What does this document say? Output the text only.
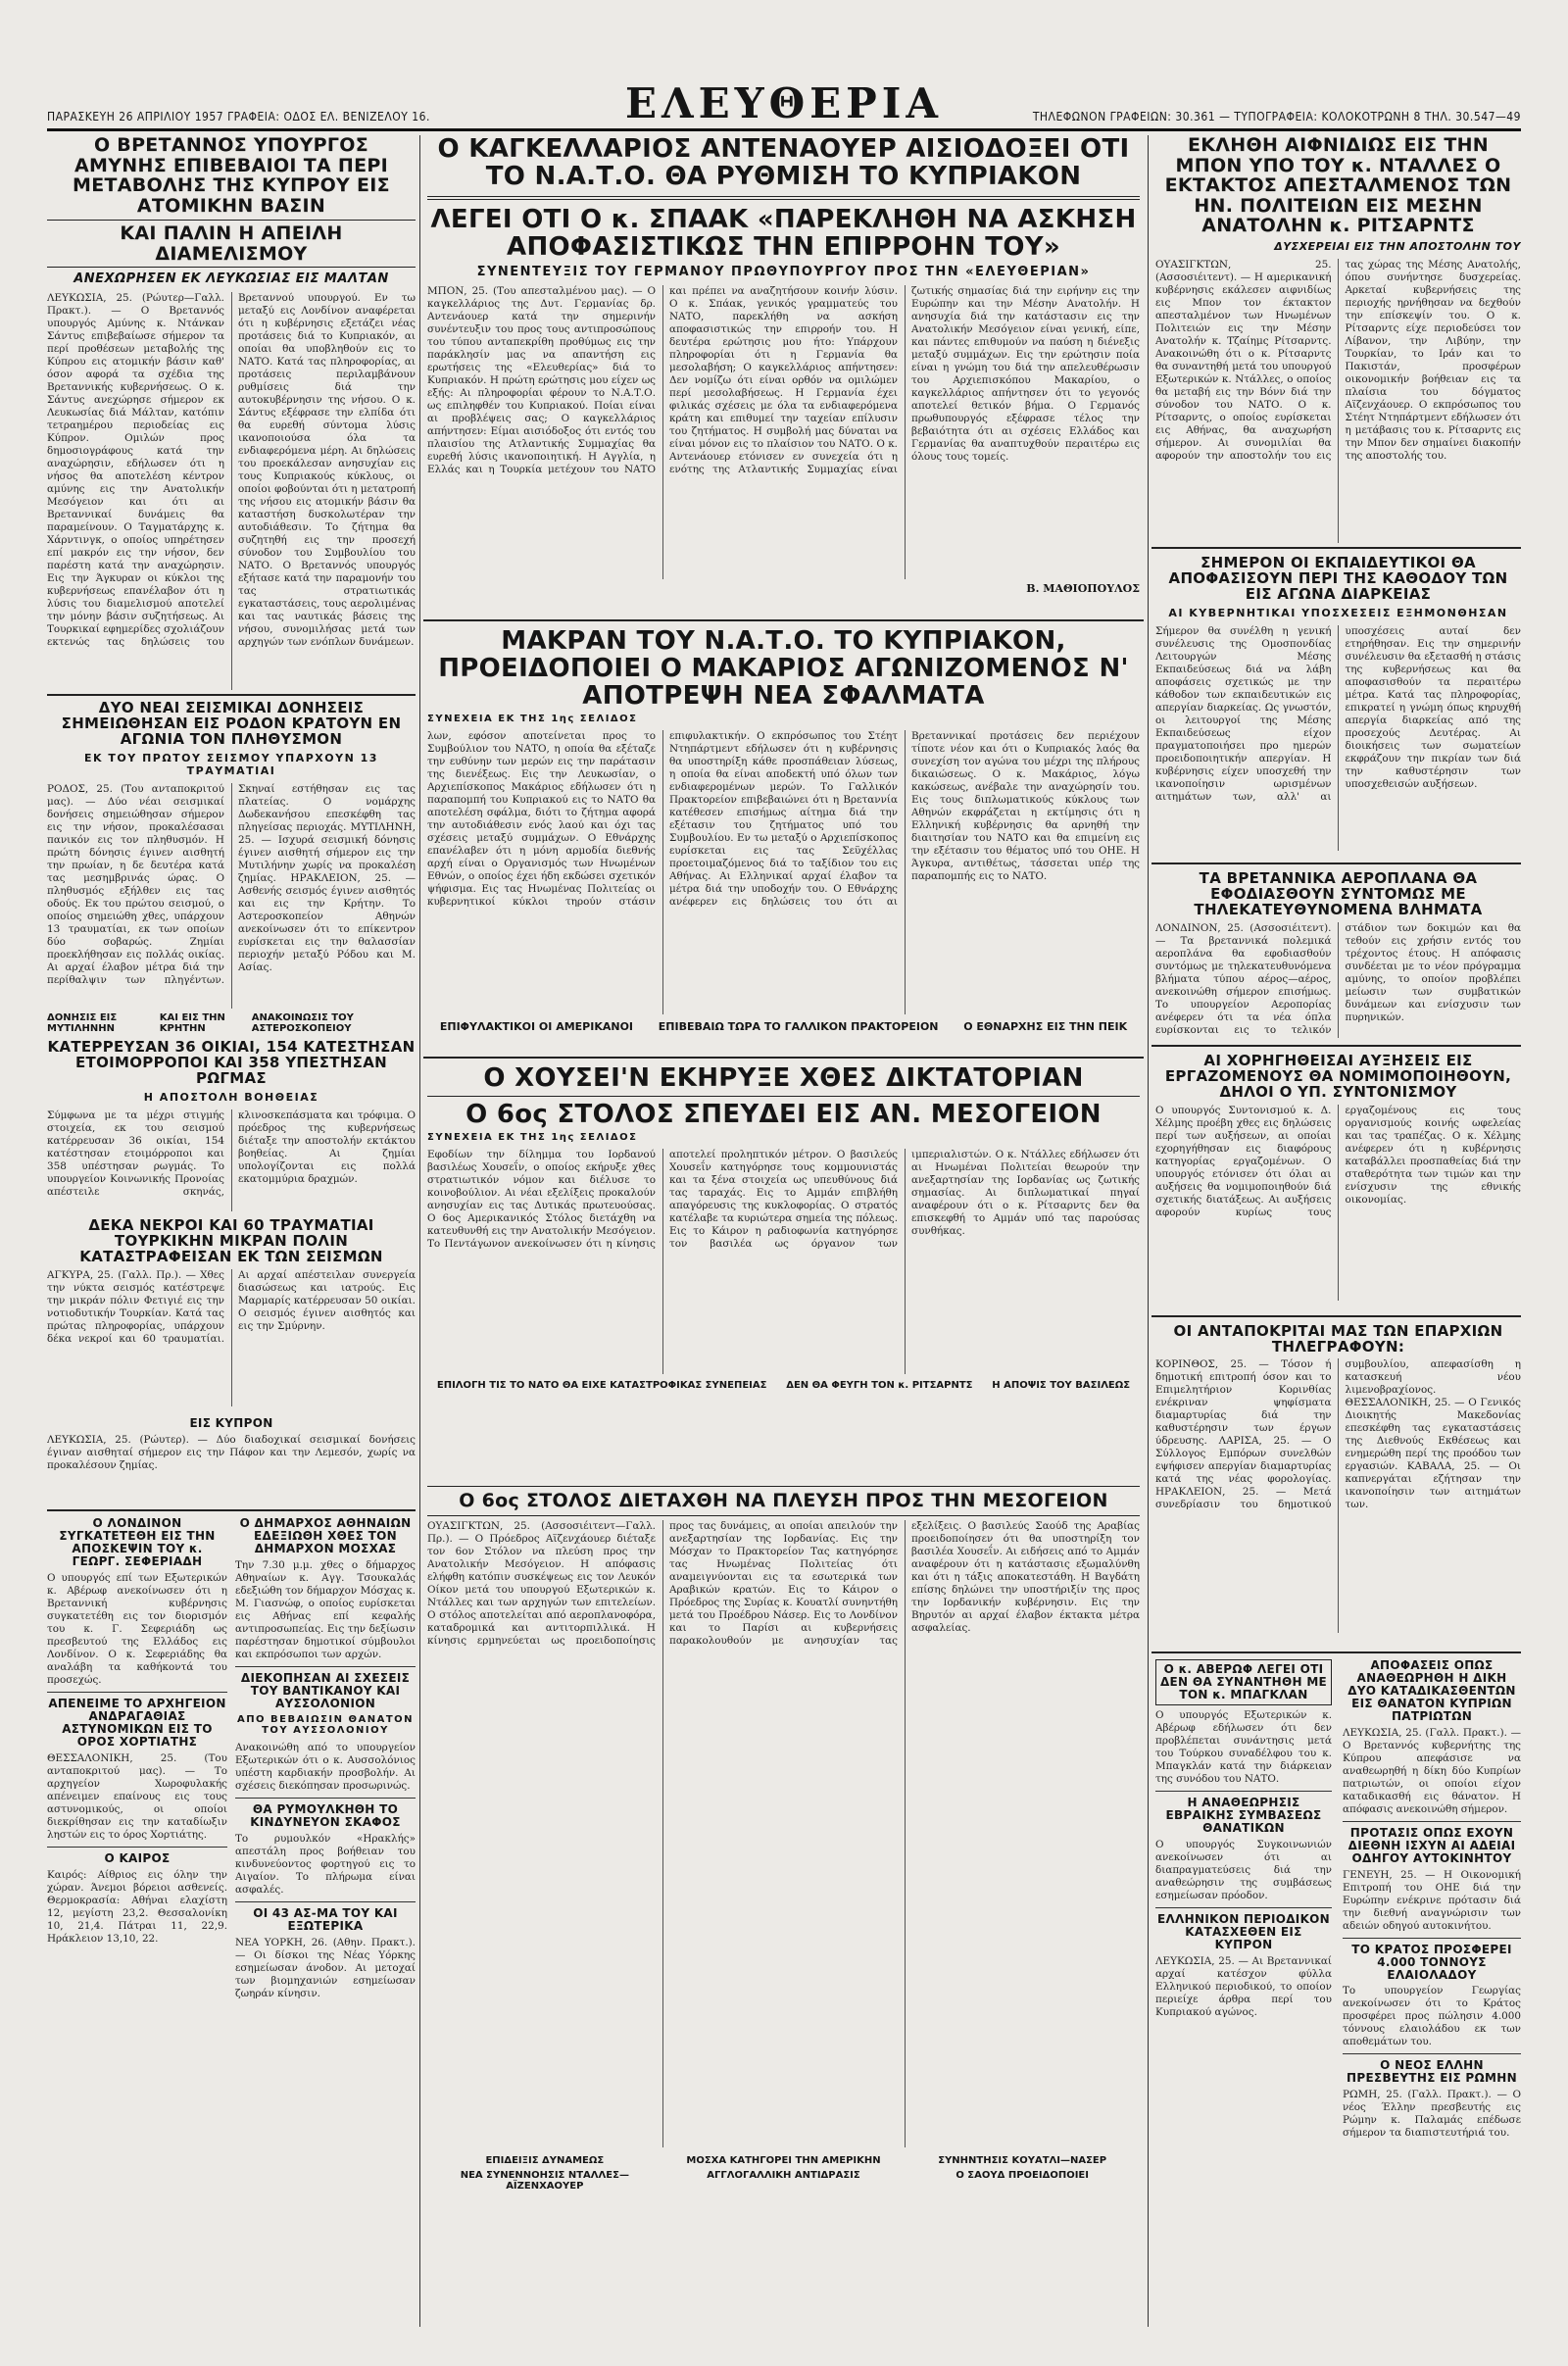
ΠΑΡΑΣΚΕΥΗ 26 ΑΠΡΙΛΙΟΥ 1957 ΓΡΑΦΕΙΑ: ΟΔΟΣ ΕΛ. ΒΕΝΙΖΕΛΟΥ 16.	ΕΛΕΥΘΕΡΙΑ	ΤΗΛΕΦΩΝΟΝ ΓΡΑΦΕΙΩΝ: 30.361 — ΤΥΠΟΓΡΑΦΕΙΑ: ΚΟΛΟΚΟΤΡΩΝΗ 8 ΤΗΛ. 30.547—49
Ο ΒΡΕΤΑΝΝΟΣ ΥΠΟΥΡΓΟΣ ΑΜΥΝΗΣ ΕΠΙΒΕΒΑΙΟΙ ΤΑ ΠΕΡΙ ΜΕΤΑΒΟΛΗΣ ΤΗΣ ΚΥΠΡΟΥ ΕΙΣ ΑΤΟΜΙΚΗΝ ΒΑΣΙΝ
ΚΑΙ ΠΑΛΙΝ Η ΑΠΕΙΛΗ ΔΙΑΜΕΛΙΣΜΟΥ
ΑΝΕΧΩΡΗΣΕΝ ΕΚ ΛΕΥΚΩΣΙΑΣ ΕΙΣ ΜΑΛΤΑΝ
ΛΕΥΚΩΣΙΑ, 25. (Ρώυτερ—Γαλλ. Πρακτ.). — Ο Βρεταννός υπουργός Αμύνης κ. Ντάνκαν Σάντυς επιβεβαίωσε σήμερον τα περί προθέσεων μεταβολής της Κύπρου εις ατομικήν βάσιν καθ' όσον αφορά τα σχέδια της Βρεταννικής κυβερνήσεως. Ο κ. Σάντυς ανεχώρησε σήμερον εκ Λευκωσίας διά Μάλταν, κατόπιν τετραημέρου περιοδείας εις Κύπρον. Ομιλών προς δημοσιογράφους κατά την αναχώρησιν, εδήλωσεν ότι η νήσος θα αποτελέση κέντρον αμύνης εις την Ανατολικήν Μεσόγειον και ότι αι Βρεταννικαί δυνάμεις θα παραμείνουν. Ο Ταγματάρχης κ. Χάρντινγκ, ο οποίος υπηρέτησεν επί μακρόν εις την νήσον, δεν παρέστη κατά την αναχώρησιν. Εις την Άγκυραν οι κύκλοι της κυβερνήσεως επανέλαβον ότι η λύσις του διαμελισμού αποτελεί την μόνην βάσιν συζητήσεως. Αι Τουρκικαί εφημερίδες σχολιάζουν εκτενώς τας δηλώσεις του Βρεταννού υπουργού. Εν τω μεταξύ εις Λονδίνον αναφέρεται ότι η κυβέρνησις εξετάζει νέας προτάσεις διά το Κυπριακόν, αι οποίαι θα υποβληθούν εις το ΝΑΤΟ. Κατά τας πληροφορίας, αι προτάσεις περιλαμβάνουν ρυθμίσεις διά την αυτοκυβέρνησιν της νήσου. Ο κ. Σάντυς εξέφρασε την ελπίδα ότι θα ευρεθή σύντομα λύσις ικανοποιούσα όλα τα ενδιαφερόμενα μέρη. Αι δηλώσεις του προεκάλεσαν ανησυχίαν εις τους Κυπριακούς κύκλους, οι οποίοι φοβούνται ότι η μετατροπή της νήσου εις ατομικήν βάσιν θα καταστήση δυσκολωτέραν την αυτοδιάθεσιν. Το ζήτημα θα συζητηθή εις την προσεχή σύνοδον του Συμβουλίου του ΝΑΤΟ. Ο Βρεταννός υπουργός εξήτασε κατά την παραμονήν του τας στρατιωτικάς εγκαταστάσεις, τους αερολιμένας και τας ναυτικάς βάσεις της νήσου, συνομιλήσας μετά των αρχηγών των ενόπλων δυνάμεων.
ΔΥΟ ΝΕΑΙ ΣΕΙΣΜΙΚΑΙ ΔΟΝΗΣΕΙΣ ΣΗΜΕΙΩΘΗΣΑΝ ΕΙΣ ΡΟΔΟΝ ΚΡΑΤΟΥΝ ΕΝ ΑΓΩΝΙΑ ΤΟΝ ΠΛΗΘΥΣΜΟΝ
ΕΚ ΤΟΥ ΠΡΩΤΟΥ ΣΕΙΣΜΟΥ ΥΠΑΡΧΟΥΝ 13 ΤΡΑΥΜΑΤΙΑΙ
ΡΟΔΟΣ, 25. (Του ανταποκριτού μας). — Δύο νέαι σεισμικαί δονήσεις σημειώθησαν σήμερον εις την νήσον, προκαλέσασαι πανικόν εις τον πληθυσμόν. Η πρώτη δόνησις έγινεν αισθητή την πρωίαν, η δε δευτέρα κατά τας μεσημβρινάς ώρας. Ο πληθυσμός εξήλθεν εις τας οδούς. Εκ του πρώτου σεισμού, ο οποίος σημειώθη χθες, υπάρχουν 13 τραυματίαι, εκ των οποίων δύο σοβαρώς. Ζημίαι προεκλήθησαν εις πολλάς οικίας. Αι αρχαί έλαβον μέτρα διά την περίθαλψιν των πληγέντων. Σκηναί εστήθησαν εις τας πλατείας. Ο νομάρχης Δωδεκανήσου επεσκέφθη τας πληγείσας περιοχάς. ΜΥΤΙΛΗΝΗ, 25. — Ισχυρά σεισμική δόνησις έγινεν αισθητή σήμερον εις την Μυτιλήνην χωρίς να προκαλέση ζημίας. ΗΡΑΚΛΕΙΟΝ, 25. — Ασθενής σεισμός έγινεν αισθητός και εις την Κρήτην. Το Αστεροσκοπείον Αθηνών ανεκοίνωσεν ότι το επίκεντρον ευρίσκεται εις την θαλασσίαν περιοχήν μεταξύ Ρόδου και Μ. Ασίας.
ΔΟΝΗΣΙΣ ΕΙΣ ΜΥΤΙΛΗΝΗΝ
ΚΑΙ ΕΙΣ ΤΗΝ ΚΡΗΤΗΝ
ΑΝΑΚΟΙΝΩΣΙΣ ΤΟΥ ΑΣΤΕΡΟΣΚΟΠΕΙΟΥ
ΚΑΤΕΡΡΕΥΣΑΝ 36 ΟΙΚΙΑΙ, 154 ΚΑΤΕΣΤΗΣΑΝ ΕΤΟΙΜΟΡΡΟΠΟΙ ΚΑΙ 358 ΥΠΕΣΤΗΣΑΝ ΡΩΓΜΑΣ
Η ΑΠΟΣΤΟΛΗ ΒΟΗΘΕΙΑΣ
Σύμφωνα με τα μέχρι στιγμής στοιχεία, εκ του σεισμού κατέρρευσαν 36 οικίαι, 154 κατέστησαν ετοιμόρροποι και 358 υπέστησαν ρωγμάς. Το υπουργείον Κοινωνικής Προνοίας απέστειλε σκηνάς, κλινοσκεπάσματα και τρόφιμα. Ο πρόεδρος της κυβερνήσεως διέταξε την αποστολήν εκτάκτου βοηθείας. Αι ζημίαι υπολογίζονται εις πολλά εκατομμύρια δραχμών.
ΔΕΚΑ ΝΕΚΡΟΙ ΚΑΙ 60 ΤΡΑΥΜΑΤΙΑΙ ΤΟΥΡΚΙΚΗΝ ΜΙΚΡΑΝ ΠΟΛΙΝ ΚΑΤΑΣΤΡΑΦΕΙΣΑΝ ΕΚ ΤΩΝ ΣΕΙΣΜΩΝ
ΑΓΚΥΡΑ, 25. (Γαλλ. Πρ.). — Χθες την νύκτα σεισμός κατέστρεψε την μικράν πόλιν Φετιγιέ εις την νοτιοδυτικήν Τουρκίαν. Κατά τας πρώτας πληροφορίας, υπάρχουν δέκα νεκροί και 60 τραυματίαι. Αι αρχαί απέστειλαν συνεργεία διασώσεως και ιατρούς. Εις Μαρμαρίς κατέρρευσαν 50 οικίαι. Ο σεισμός έγινεν αισθητός και εις την Σμύρνην.
ΕΙΣ ΚΥΠΡΟΝ
ΛΕΥΚΩΣΙΑ, 25. (Ρώυτερ). — Δύο διαδοχικαί σεισμικαί δονήσεις έγιναν αισθηταί σήμερον εις την Πάφον και την Λεμεσόν, χωρίς να προκαλέσουν ζημίας.
Ο ΛΟΝΔΙΝΟΝ ΣΥΓΚΑΤΕΤΕΘΗ ΕΙΣ ΤΗΝ ΑΠΟΣΚΕΨΙΝ ΤΟΥ κ. ΓΕΩΡΓ. ΣΕΦΕΡΙΑΔΗ
Ο υπουργός επί των Εξωτερικών κ. Αβέρωφ ανεκοίνωσεν ότι η Βρεταννική κυβέρνησις συγκατετέθη εις τον διορισμόν του κ. Γ. Σεφεριάδη ως πρεσβευτού της Ελλάδος εις Λονδίνον. Ο κ. Σεφεριάδης θα αναλάβη τα καθήκοντά του προσεχώς.
ΑΠΕΝΕΙΜΕ ΤΟ ΑΡΧΗΓΕΙΟΝ ΑΝΔΡΑΓΑΘΙΑΣ ΑΣΤΥΝΟΜΙΚΩΝ ΕΙΣ ΤΟ ΟΡΟΣ ΧΟΡΤΙΑΤΗΣ
ΘΕΣΣΑΛΟΝΙΚΗ, 25. (Του ανταποκριτού μας). — Το αρχηγείον Χωροφυλακής απένειμεν επαίνους εις τους αστυνομικούς, οι οποίοι διεκρίθησαν εις την καταδίωξιν ληστών εις το όρος Χορτιάτης.
Ο ΚΑΙΡΟΣ
Καιρός: Αίθριος εις όλην την χώραν. Άνεμοι βόρειοι ασθενείς. Θερμοκρασία: Αθήναι ελαχίστη 12, μεγίστη 23,2. Θεσσαλονίκη 10, 21,4. Πάτραι 11, 22,9. Ηράκλειον 13,10, 22.
Ο ΔΗΜΑΡΧΟΣ ΑΘΗΝΑΙΩΝ ΕΔΕΞΙΩΘΗ ΧΘΕΣ ΤΟΝ ΔΗΜΑΡΧΟΝ ΜΟΣΧΑΣ
Την 7.30 μ.μ. χθες ο δήμαρχος Αθηναίων κ. Αγγ. Τσουκαλάς εδεξιώθη τον δήμαρχον Μόσχας κ. Μ. Γιασνώφ, ο οποίος ευρίσκεται εις Αθήνας επί κεφαλής αντιπροσωπείας. Εις την δεξίωσιν παρέστησαν δημοτικοί σύμβουλοι και εκπρόσωποι των αρχών.
ΔΙΕΚΟΠΗΣΑΝ ΑΙ ΣΧΕΣΕΙΣ ΤΟΥ ΒΑΝΤΙΚΑΝΟΥ ΚΑΙ ΑΥΣΣΟΛΟΝΙΟΝ
ΑΠΟ ΒΕΒΑΙΩΣΙΝ ΘΑΝΑΤΟΝ ΤΟΥ ΑΥΣΣΟΛΟΝΙΟΥ
Ανακοινώθη από το υπουργείον Εξωτερικών ότι ο κ. Αυσσολόνιος υπέστη καρδιακήν προσβολήν. Αι σχέσεις διεκόπησαν προσωρινώς.
ΘΑ ΡΥΜΟΥΛΚΗΘΗ ΤΟ ΚΙΝΔΥΝΕΥΟΝ ΣΚΑΦΟΣ
Το ρυμουλκόν «Ηρακλής» απεστάλη προς βοήθειαν του κινδυνεύοντος φορτηγού εις το Αιγαίον. Το πλήρωμα είναι ασφαλές.
ΟΙ 43 ΑΣ-ΜΑ ΤΟΥ ΚΑΙ ΕΞΩΤΕΡΙΚΑ
ΝΕΑ ΥΟΡΚΗ, 26. (Αθην. Πρακτ.). — Οι δίσκοι της Νέας Υόρκης εσημείωσαν άνοδον. Αι μετοχαί των βιομηχανιών εσημείωσαν ζωηράν κίνησιν.
Ο ΚΑΓΚΕΛΛΑΡΙΟΣ ΑΝΤΕΝΑΟΥΕΡ ΑΙΣΙΟΔΟΞΕΙ ΟΤΙ ΤΟ Ν.Α.Τ.Ο. ΘΑ ΡΥΘΜΙΣΗ ΤΟ ΚΥΠΡΙΑΚΟΝ
ΛΕΓΕΙ ΟΤΙ Ο κ. ΣΠΑΑΚ «ΠΑΡΕΚΛΗΘΗ ΝΑ ΑΣΚΗΣΗ ΑΠΟΦΑΣΙΣΤΙΚΩΣ ΤΗΝ ΕΠΙΡΡΟΗΝ ΤΟΥ»
ΣΥΝΕΝΤΕΥΞΙΣ ΤΟΥ ΓΕΡΜΑΝΟΥ ΠΡΩΘΥΠΟΥΡΓΟΥ ΠΡΟΣ ΤΗΝ «ΕΛΕΥΘΕΡΙΑΝ»
ΜΠΟΝ, 25. (Του απεσταλμένου μας). — Ο καγκελλάριος της Δυτ. Γερμανίας δρ. Αντενάουερ κατά την σημερινήν συνέντευξιν του προς τους αντιπροσώπους του τύπου ανταπεκρίθη προθύμως εις την παράκλησίν μας να απαντήση εις ερωτήσεις της «Ελευθερίας» διά το Κυπριακόν. Η πρώτη ερώτησις μου είχεν ως εξής: Αι πληροφορίαι φέρουν το Ν.Α.Τ.Ο. ως επιληφθέν του Κυπριακού. Ποίαι είναι αι προβλέψεις σας; Ο καγκελλάριος απήντησεν: Είμαι αισιόδοξος ότι εντός του πλαισίου της Ατλαντικής Συμμαχίας θα ευρεθή λύσις ικανοποιητική. Η Αγγλία, η Ελλάς και η Τουρκία μετέχουν του ΝΑΤΟ και πρέπει να αναζητήσουν κοινήν λύσιν. Ο κ. Σπάακ, γενικός γραμματεύς του ΝΑΤΟ, παρεκλήθη να ασκήση αποφασιστικώς την επιρροήν του. Η δευτέρα ερώτησις μου ήτο: Υπάρχουν πληροφορίαι ότι η Γερμανία θα μεσολαβήση; Ο καγκελλάριος απήντησεν: Δεν νομίζω ότι είναι ορθόν να ομιλώμεν περί μεσολαβήσεως. Η Γερμανία έχει φιλικάς σχέσεις με όλα τα ενδιαφερόμενα κράτη και επιθυμεί την ταχείαν επίλυσιν του ζητήματος. Η συμβολή μας δύναται να είναι μόνον εις το πλαίσιον του ΝΑΤΟ. Ο κ. Αντενάουερ ετόνισεν εν συνεχεία ότι η ενότης της Ατλαντικής Συμμαχίας είναι ζωτικής σημασίας διά την ειρήνην εις την Ευρώπην και την Μέσην Ανατολήν. Η ανησυχία διά την κατάστασιν εις την Ανατολικήν Μεσόγειον είναι γενική, είπε, και πάντες επιθυμούν να παύση η διένεξις μεταξύ συμμάχων. Εις την ερώτησιν ποία είναι η γνώμη του διά την απελευθέρωσιν του Αρχιεπισκόπου Μακαρίου, ο καγκελλάριος απήντησεν ότι το γεγονός αποτελεί θετικόν βήμα. Ο Γερμανός πρωθυπουργός εξέφρασε τέλος την βεβαιότητα ότι αι σχέσεις Ελλάδος και Γερμανίας θα αναπτυχθούν περαιτέρω εις όλους τους τομείς.
Β. ΜΑΘΙΟΠΟΥΛΟΣ
ΜΑΚΡΑΝ ΤΟΥ Ν.Α.Τ.Ο. ΤΟ ΚΥΠΡΙΑΚΟΝ, ΠΡΟΕΙΔΟΠΟΙΕΙ Ο ΜΑΚΑΡΙΟΣ ΑΓΩΝΙΖΟΜΕΝΟΣ Ν' ΑΠΟΤΡΕΨΗ ΝΕΑ ΣΦΑΛΜΑΤΑ
ΣΥΝΕΧΕΙΑ ΕΚ ΤΗΣ 1ης ΣΕΛΙΔΟΣ
λων, εφόσον αποτείνεται προς το Συμβούλιον του ΝΑΤΟ, η οποία θα εξέταζε την ευθύνην των μερών εις την παράτασιν της διενέξεως. Εις την Λευκωσίαν, ο Αρχιεπίσκοπος Μακάριος εδήλωσεν ότι η παραπομπή του Κυπριακού εις το ΝΑΤΟ θα αποτελέση σφάλμα, διότι το ζήτημα αφορά την αυτοδιάθεσιν ενός λαού και όχι τας σχέσεις μεταξύ συμμάχων. Ο Εθνάρχης επανέλαβεν ότι η μόνη αρμοδία διεθνής αρχή είναι ο Οργανισμός των Ηνωμένων Εθνών, ο οποίος έχει ήδη εκδώσει σχετικόν ψήφισμα. Εις τας Ηνωμένας Πολιτείας οι κυβερνητικοί κύκλοι τηρούν στάσιν επιφυλακτικήν. Ο εκπρόσωπος του Στέητ Ντηπάρτμεντ εδήλωσεν ότι η κυβέρνησις θα υποστηρίξη κάθε προσπάθειαν λύσεως, η οποία θα είναι αποδεκτή υπό όλων των ενδιαφερομένων μερών. Το Γαλλικόν Πρακτορείον επιβεβαιώνει ότι η Βρεταννία κατέθεσεν επισήμως αίτημα διά την εξέτασιν του ζητήματος υπό του Συμβουλίου. Εν τω μεταξύ ο Αρχιεπίσκοπος ευρίσκεται εις τας Σεϋχέλλας προετοιμαζόμενος διά το ταξίδιον του εις Αθήνας. Αι Ελληνικαί αρχαί έλαβον τα μέτρα διά την υποδοχήν του. Ο Εθνάρχης ανέφερεν εις δηλώσεις του ότι αι Βρεταννικαί προτάσεις δεν περιέχουν τίποτε νέον και ότι ο Κυπριακός λαός θα συνεχίση τον αγώνα του μέχρι της πλήρους δικαιώσεως. Ο κ. Μακάριος, λόγω κακώσεως, ανέβαλε την αναχώρησίν του. Εις τους διπλωματικούς κύκλους των Αθηνών εκφράζεται η εκτίμησις ότι η Ελληνική κυβέρνησις θα αρνηθή την διαιτησίαν του ΝΑΤΟ και θα επιμείνη εις την εξέτασιν του θέματος υπό του ΟΗΕ. Η Άγκυρα, αντιθέτως, τάσσεται υπέρ της παραπομπής εις το ΝΑΤΟ.
ΕΠΙΦΥΛΑΚΤΙΚΟΙ ΟΙ ΑΜΕΡΙΚΑΝΟΙ ΕΠΙΒΕΒΑΙΩ ΤΩΡΑ ΤΟ ΓΑΛΛΙΚΟΝ ΠΡΑΚΤΟΡΕΙΟΝ Ο ΕΘΝΑΡΧΗΣ ΕΙΣ ΤΗΝ ΠΕΙΚ
Ο ΧΟΥΣΕΙ'Ν ΕΚΗΡΥΞΕ ΧΘΕΣ ΔΙΚΤΑΤΟΡΙΑΝ
Ο 6ος ΣΤΟΛΟΣ ΣΠΕΥΔΕΙ ΕΙΣ ΑΝ. ΜΕΣΟΓΕΙΟΝ
ΣΥΝΕΧΕΙΑ ΕΚ ΤΗΣ 1ης ΣΕΛΙΔΟΣ
Εφοδίων την δίλημμα του Ιορδανού βασιλέως Χουσεΐν, ο οποίος εκήρυξε χθες στρατιωτικόν νόμον και διέλυσε το κοινοβούλιον. Αι νέαι εξελίξεις προκαλούν ανησυχίαν εις τας Δυτικάς πρωτευούσας. Ο 6ος Αμερικανικός Στόλος διετάχθη να κατευθυνθή εις την Ανατολικήν Μεσόγειον. Το Πεντάγωνον ανεκοίνωσεν ότι η κίνησις αποτελεί προληπτικόν μέτρον. Ο βασιλεύς Χουσεΐν κατηγόρησε τους κομμουνιστάς και τα ξένα στοιχεία ως υπευθύνους διά τας ταραχάς. Εις το Αμμάν επιβλήθη απαγόρευσις της κυκλοφορίας. Ο στρατός κατέλαβε τα κυριώτερα σημεία της πόλεως. Εις το Κάιρον η ραδιοφωνία κατηγόρησε τον βασιλέα ως όργανον των ιμπεριαλιστών. Ο κ. Ντάλλες εδήλωσεν ότι αι Ηνωμέναι Πολιτείαι θεωρούν την ανεξαρτησίαν της Ιορδανίας ως ζωτικής σημασίας. Αι διπλωματικαί πηγαί αναφέρουν ότι ο κ. Ρίτσαρντς δεν θα επισκεφθή το Αμμάν υπό τας παρούσας συνθήκας.
ΕΠΙΛΟΓΗ ΤΙΣ ΤΟ ΝΑΤΟ ΘΑ ΕΙΧΕ ΚΑΤΑΣΤΡΟΦΙΚΑΣ ΣΥΝΕΠΕΙΑΣ ΔΕΝ ΘΑ ΦΕΥΓΗ ΤΟΝ κ. ΡΙΤΣΑΡΝΤΣ Η ΑΠΟΨΙΣ ΤΟΥ ΒΑΣΙΛΕΩΣ
Ο 6ος ΣΤΟΛΟΣ ΔΙΕΤΑΧΘΗ ΝΑ ΠΛΕΥΣΗ ΠΡΟΣ ΤΗΝ ΜΕΣΟΓΕΙΟΝ
ΟΥΑΣΙΓΚΤΩΝ, 25. (Ασσοσιέιτεντ—Γαλλ. Πρ.). — Ο Πρόεδρος Αϊζενχάουερ διέταξε τον 6ον Στόλον να πλεύση προς την Ανατολικήν Μεσόγειον. Η απόφασις ελήφθη κατόπιν συσκέψεως εις τον Λευκόν Οίκον μετά του υπουργού Εξωτερικών κ. Ντάλλες και των αρχηγών των επιτελείων. Ο στόλος αποτελείται από αεροπλανοφόρα, καταδρομικά και αντιτορπιλλικά. Η κίνησις ερμηνεύεται ως προειδοποίησις προς τας δυνάμεις, αι οποίαι απειλούν την ανεξαρτησίαν της Ιορδανίας. Εις την Μόσχαν το Πρακτορείον Τας κατηγόρησε τας Ηνωμένας Πολιτείας ότι αναμειγνύονται εις τα εσωτερικά των Αραβικών κρατών. Εις το Κάιρον ο Πρόεδρος της Συρίας κ. Κουατλί συνηντήθη μετά του Προέδρου Νάσερ. Εις το Λονδίνον και το Παρίσι αι κυβερνήσεις παρακολουθούν με ανησυχίαν τας εξελίξεις. Ο βασιλεύς Σαούδ της Αραβίας προειδοποίησεν ότι θα υποστηρίξη τον βασιλέα Χουσεΐν. Αι ειδήσεις από το Αμμάν αναφέρουν ότι η κατάστασις εξωμαλύνθη και ότι η τάξις αποκατεστάθη. Η Βαγδάτη επίσης δηλώνει την υποστήριξίν της προς την Ιορδανικήν κυβέρνησιν. Εις την Βηρυτόν αι αρχαί έλαβον έκτακτα μέτρα ασφαλείας.
ΕΠΙΔΕΙΞΙΣ ΔΥΝΑΜΕΩΣ	ΜΟΣΧΑ ΚΑΤΗΓΟΡΕΙ ΤΗΝ ΑΜΕΡΙΚΗΝ	ΣΥΝΗΝΤΗΣΙΣ ΚΟΥΑΤΛΙ—ΝΑΣΕΡ
ΝΕΑ ΣΥΝΕΝΝΟΗΣΙΣ ΝΤΑΛΛΕΣ—ΑΪΖΕΝΧΑΟΥΕΡ
ΑΓΓΛΟΓΑΛΛΙΚΗ ΑΝΤΙΔΡΑΣΙΣ	Ο ΣΑΟΥΔ ΠΡΟΕΙΔΟΠΟΙΕΙ
ΕΚΛΗΘΗ ΑΙΦΝΙΔΙΩΣ ΕΙΣ ΤΗΝ ΜΠΟΝ ΥΠΟ ΤΟΥ κ. ΝΤΑΛΛΕΣ Ο ΕΚΤΑΚΤΟΣ ΑΠΕΣΤΑΛΜΕΝΟΣ ΤΩΝ ΗΝ. ΠΟΛΙΤΕΙΩΝ ΕΙΣ ΜΕΣΗΝ ΑΝΑΤΟΛΗΝ κ. ΡΙΤΣΑΡΝΤΣ
ΔΥΣΧΕΡΕΙΑΙ ΕΙΣ ΤΗΝ ΑΠΟΣΤΟΛΗΝ ΤΟΥ
ΟΥΑΣΙΓΚΤΩΝ, 25. (Ασσοσιέιτεντ). — Η αμερικανική κυβέρνησις εκάλεσεν αιφνιδίως εις Μπον τον έκτακτον απεσταλμένον των Ηνωμένων Πολιτειών εις την Μέσην Ανατολήν κ. Τζαίημς Ρίτσαρντς. Ανακοινώθη ότι ο κ. Ρίτσαρντς θα συναντηθή μετά του υπουργού Εξωτερικών κ. Ντάλλες, ο οποίος θα μεταβή εις την Βόνν διά την σύνοδον του ΝΑΤΟ. Ο κ. Ρίτσαρντς, ο οποίος ευρίσκεται εις Αθήνας, θα αναχωρήση σήμερον. Αι συνομιλίαι θα αφορούν την αποστολήν του εις τας χώρας της Μέσης Ανατολής, όπου συνήντησε δυσχερείας. Αρκεταί κυβερνήσεις της περιοχής ηρνήθησαν να δεχθούν την επίσκεψίν του. Ο κ. Ρίτσαρντς είχε περιοδεύσει τον Λίβανον, την Λιβύην, την Τουρκίαν, το Ιράν και το Πακιστάν, προσφέρων οικονομικήν βοήθειαν εις τα πλαίσια του δόγματος Αϊζενχάουερ. Ο εκπρόσωπος του Στέητ Ντηπάρτμεντ εδήλωσεν ότι η μετάβασις του κ. Ρίτσαρντς εις την Μπον δεν σημαίνει διακοπήν της αποστολής του.
ΣΗΜΕΡΟΝ ΟΙ ΕΚΠΑΙΔΕΥΤΙΚΟΙ ΘΑ ΑΠΟΦΑΣΙΣΟΥΝ ΠΕΡΙ ΤΗΣ ΚΑΘΟΔΟΥ ΤΩΝ ΕΙΣ ΑΓΩΝΑ ΔΙΑΡΚΕΙΑΣ
ΑΙ ΚΥΒΕΡΝΗΤΙΚΑΙ ΥΠΟΣΧΕΣΕΙΣ ΕΞΗΜΟΝΘΗΣΑΝ
Σήμερον θα συνέλθη η γενική συνέλευσις της Ομοσπονδίας Λειτουργών Μέσης Εκπαιδεύσεως διά να λάβη αποφάσεις σχετικώς με την κάθοδον των εκπαιδευτικών εις απεργίαν διαρκείας. Ως γνωστόν, οι λειτουργοί της Μέσης Εκπαιδεύσεως είχον πραγματοποιήσει προ ημερών προειδοποιητικήν απεργίαν. Η κυβέρνησις είχεν υποσχεθή την ικανοποίησιν ωρισμένων αιτημάτων των, αλλ' αι υποσχέσεις αυταί δεν ετηρήθησαν. Εις την σημερινήν συνέλευσιν θα εξετασθή η στάσις της κυβερνήσεως και θα αποφασισθούν τα περαιτέρω μέτρα. Κατά τας πληροφορίας, επικρατεί η γνώμη όπως κηρυχθή απεργία διαρκείας από της προσεχούς Δευτέρας. Αι διοικήσεις των σωματείων εκφράζουν την πικρίαν των διά την καθυστέρησιν των υποσχεθεισών αυξήσεων.
ΤΑ ΒΡΕΤΑΝΝΙΚΑ ΑΕΡΟΠΛΑΝΑ ΘΑ ΕΦΟΔΙΑΣΘΟΥΝ ΣΥΝΤΟΜΩΣ ΜΕ ΤΗΛΕΚΑΤΕΥΘΥΝΟΜΕΝΑ ΒΛΗΜΑΤΑ
ΛΟΝΔΙΝΟΝ, 25. (Ασσοσιέιτεντ). — Τα βρεταννικά πολεμικά αεροπλάνα θα εφοδιασθούν συντόμως με τηλεκατευθυνόμενα βλήματα τύπου αέρος—αέρος, ανεκοινώθη σήμερον επισήμως. Το υπουργείον Αεροπορίας ανέφερεν ότι τα νέα όπλα ευρίσκονται εις το τελικόν στάδιον των δοκιμών και θα τεθούν εις χρήσιν εντός του τρέχοντος έτους. Η απόφασις συνδέεται με το νέον πρόγραμμα αμύνης, το οποίον προβλέπει μείωσιν των συμβατικών δυνάμεων και ενίσχυσιν των πυρηνικών.
ΑΙ ΧΟΡΗΓΗΘΕΙΣΑΙ ΑΥΞΗΣΕΙΣ ΕΙΣ ΕΡΓΑΖΟΜΕΝΟΥΣ ΘΑ ΝΟΜΙΜΟΠΟΙΗΘΟΥΝ, ΔΗΛΟΙ Ο ΥΠ. ΣΥΝΤΟΝΙΣΜΟΥ
Ο υπουργός Συντονισμού κ. Δ. Χέλμης προέβη χθες εις δηλώσεις περί των αυξήσεων, αι οποίαι εχορηγήθησαν εις διαφόρους κατηγορίας εργαζομένων. Ο υπουργός ετόνισεν ότι όλαι αι αυξήσεις θα νομιμοποιηθούν διά σχετικής διατάξεως. Αι αυξήσεις αφορούν κυρίως τους εργαζομένους εις τους οργανισμούς κοινής ωφελείας και τας τραπέζας. Ο κ. Χέλμης ανέφερεν ότι η κυβέρνησις καταβάλλει προσπαθείας διά την σταθερότητα των τιμών και την ενίσχυσιν της εθνικής οικονομίας.
ΟΙ ΑΝΤΑΠΟΚΡΙΤΑΙ ΜΑΣ ΤΩΝ ΕΠΑΡΧΙΩΝ ΤΗΛΕΓΡΑΦΟΥΝ:
ΚΟΡΙΝΘΟΣ, 25. — Τόσον ή δημοτική επιτροπή όσον και το Επιμελητήριον Κορινθίας ενέκριναν ψηφίσματα διαμαρτυρίας διά την καθυστέρησιν των έργων ύδρευσης. ΛΑΡΙΣΑ, 25. — Ο Σύλλογος Εμπόρων συνελθών εψήφισεν απεργίαν διαμαρτυρίας κατά της νέας φορολογίας. ΗΡΑΚΛΕΙΟΝ, 25. — Μετά συνεδρίασιν του δημοτικού συμβουλίου, απεφασίσθη η κατασκευή νέου λιμενοβραχίονος. ΘΕΣΣΑΛΟΝΙΚΗ, 25. — Ο Γενικός Διοικητής Μακεδονίας επεσκέφθη τας εγκαταστάσεις της Διεθνούς Εκθέσεως και ενημερώθη περί της προόδου των εργασιών. ΚΑΒΑΛΑ, 25. — Οι καπνεργάται εζήτησαν την ικανοποίησιν των αιτημάτων των.
Ο κ. ΑΒΕΡΩΦ ΛΕΓΕΙ ΟΤΙ ΔΕΝ ΘΑ ΣΥΝΑΝΤΗΘΗ ΜΕ ΤΟΝ κ. ΜΠΑΓΚΛΑΝ
Ο υπουργός Εξωτερικών κ. Αβέρωφ εδήλωσεν ότι δεν προβλέπεται συνάντησις μετά του Τούρκου συναδέλφου του κ. Μπαγκλάν κατά την διάρκειαν της συνόδου του ΝΑΤΟ.
Η ΑΝΑΘΕΩΡΗΣΙΣ ΕΒΡΑΙΚΗΣ ΣΥΜΒΑΣΕΩΣ ΘΑΝΑΤΙΚΩΝ
Ο υπουργός Συγκοινωνιών ανεκοίνωσεν ότι αι διαπραγματεύσεις διά την αναθεώρησιν της συμβάσεως εσημείωσαν πρόοδον.
ΕΛΛΗΝΙΚΟΝ ΠΕΡΙΟΔΙΚΟΝ ΚΑΤΑΣΧΕΘΕΝ ΕΙΣ ΚΥΠΡΟΝ
ΛΕΥΚΩΣΙΑ, 25. — Αι Βρεταννικαί αρχαί κατέσχον φύλλα Ελληνικού περιοδικού, το οποίον περιείχε άρθρα περί του Κυπριακού αγώνος.
ΑΠΟΦΑΣΕΙΣ ΟΠΩΣ ΑΝΑΘΕΩΡΗΘΗ Η ΔΙΚΗ ΔΥΟ ΚΑΤΑΔΙΚΑΣΘΕΝΤΩΝ ΕΙΣ ΘΑΝΑΤΟΝ ΚΥΠΡΙΩΝ ΠΑΤΡΙΩΤΩΝ
ΛΕΥΚΩΣΙΑ, 25. (Γαλλ. Πρακτ.). — Ο Βρεταννός κυβερνήτης της Κύπρου απεφάσισε να αναθεωρηθή η δίκη δύο Κυπρίων πατριωτών, οι οποίοι είχον καταδικασθή εις θάνατον. Η απόφασις ανεκοινώθη σήμερον.
ΠΡΟΤΑΣΙΣ ΟΠΩΣ ΕΧΟΥΝ ΔΙΕΘΝΗ ΙΣΧΥΝ ΑΙ ΑΔΕΙΑΙ ΟΔΗΓΟΥ ΑΥΤΟΚΙΝΗΤΟΥ
ΓΕΝΕΥΗ, 25. — Η Οικονομική Επιτροπή του ΟΗΕ διά την Ευρώπην ενέκρινε πρότασιν διά την διεθνή αναγνώρισιν των αδειών οδηγού αυτοκινήτου.
ΤΟ ΚΡΑΤΟΣ ΠΡΟΣΦΕΡΕΙ 4.000 ΤΟΝΝΟΥΣ ΕΛΑΙΟΛΑΔΟΥ
Το υπουργείον Γεωργίας ανεκοίνωσεν ότι το Κράτος προσφέρει προς πώλησιν 4.000 τόννους ελαιολάδου εκ των αποθεμάτων του.
Ο ΝΕΟΣ ΕΛΛΗΝ ΠΡΕΣΒΕΥΤΗΣ ΕΙΣ ΡΩΜΗΝ
ΡΩΜΗ, 25. (Γαλλ. Πρακτ.). — Ο νέος Έλλην πρεσβευτής εις Ρώμην κ. Παλαμάς επέδωσε σήμερον τα διαπιστευτήριά του.
